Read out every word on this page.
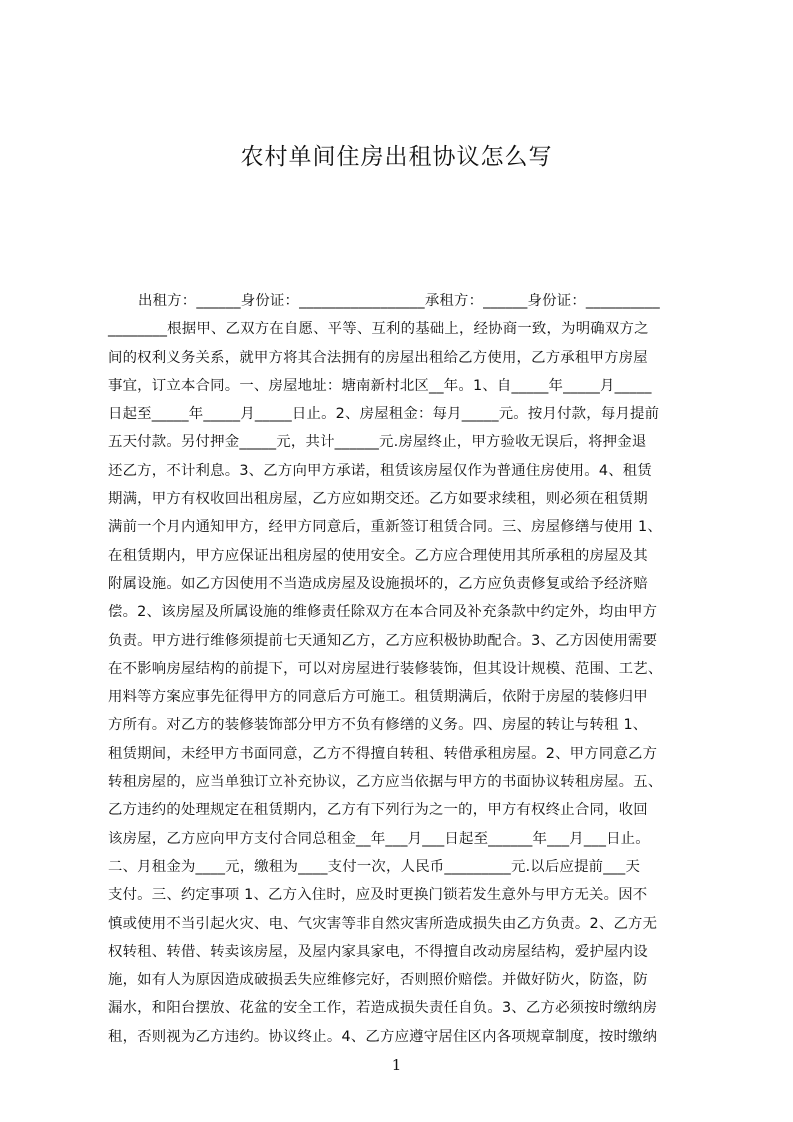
农村单间住房出租协议怎么写
出租方：______身份证：_________________承租方：______身份证：__________
________根据甲、乙双方在自愿、平等、互利的基础上，经协商一致，为明确双方之
间的权利义务关系，就甲方将其合法拥有的房屋出租给乙方使用，乙方承租甲方房屋
事宜，订立本合同。一、房屋地址：塘南新村北区__年。1、自_____年_____月_____
日起至_____年_____月_____日止。2、房屋租金：每月_____元。按月付款，每月提前
五天付款。另付押金_____元，共计______元.房屋终止，甲方验收无误后，将押金退
还乙方，不计利息。3、乙方向甲方承诺，租赁该房屋仅作为普通住房使用。4、租赁
期满，甲方有权收回出租房屋，乙方应如期交还。乙方如要求续租，则必须在租赁期
满前一个月内通知甲方，经甲方同意后，重新签订租赁合同。三、房屋修缮与使用 1、
在租赁期内，甲方应保证出租房屋的使用安全。乙方应合理使用其所承租的房屋及其
附属设施。如乙方因使用不当造成房屋及设施损坏的，乙方应负责修复或给予经济赔
偿。2、该房屋及所属设施的维修责任除双方在本合同及补充条款中约定外，均由甲方
负责。甲方进行维修须提前七天通知乙方，乙方应积极协助配合。3、乙方因使用需要
在不影响房屋结构的前提下，可以对房屋进行装修装饰，但其设计规模、范围、工艺、
用料等方案应事先征得甲方的同意后方可施工。租赁期满后，依附于房屋的装修归甲
方所有。对乙方的装修装饰部分甲方不负有修缮的义务。四、房屋的转让与转租 1、
租赁期间，未经甲方书面同意，乙方不得擅自转租、转借承租房屋。2、甲方同意乙方
转租房屋的，应当单独订立补充协议，乙方应当依据与甲方的书面协议转租房屋。五、
乙方违约的处理规定在租赁期内，乙方有下列行为之一的，甲方有权终止合同，收回
该房屋，乙方应向甲方支付合同总租金__年___月___日起至______年___月___日止。
二、月租金为____元，缴租为____支付一次，人民币_________元.以后应提前___天
支付。三、约定事项 1、乙方入住时，应及时更换门锁若发生意外与甲方无关。因不
慎或使用不当引起火灾、电、气灾害等非自然灾害所造成损失由乙方负责。2、乙方无
权转租、转借、转卖该房屋，及屋内家具家电，不得擅自改动房屋结构，爱护屋内设
施，如有人为原因造成破损丢失应维修完好，否则照价赔偿。并做好防火，防盗，防
漏水，和阳台摆放、花盆的安全工作，若造成损失责任自负。3、乙方必须按时缴纳房
租，否则视为乙方违约。协议终止。4、乙方应遵守居住区内各项规章制度，按时缴纳
1
